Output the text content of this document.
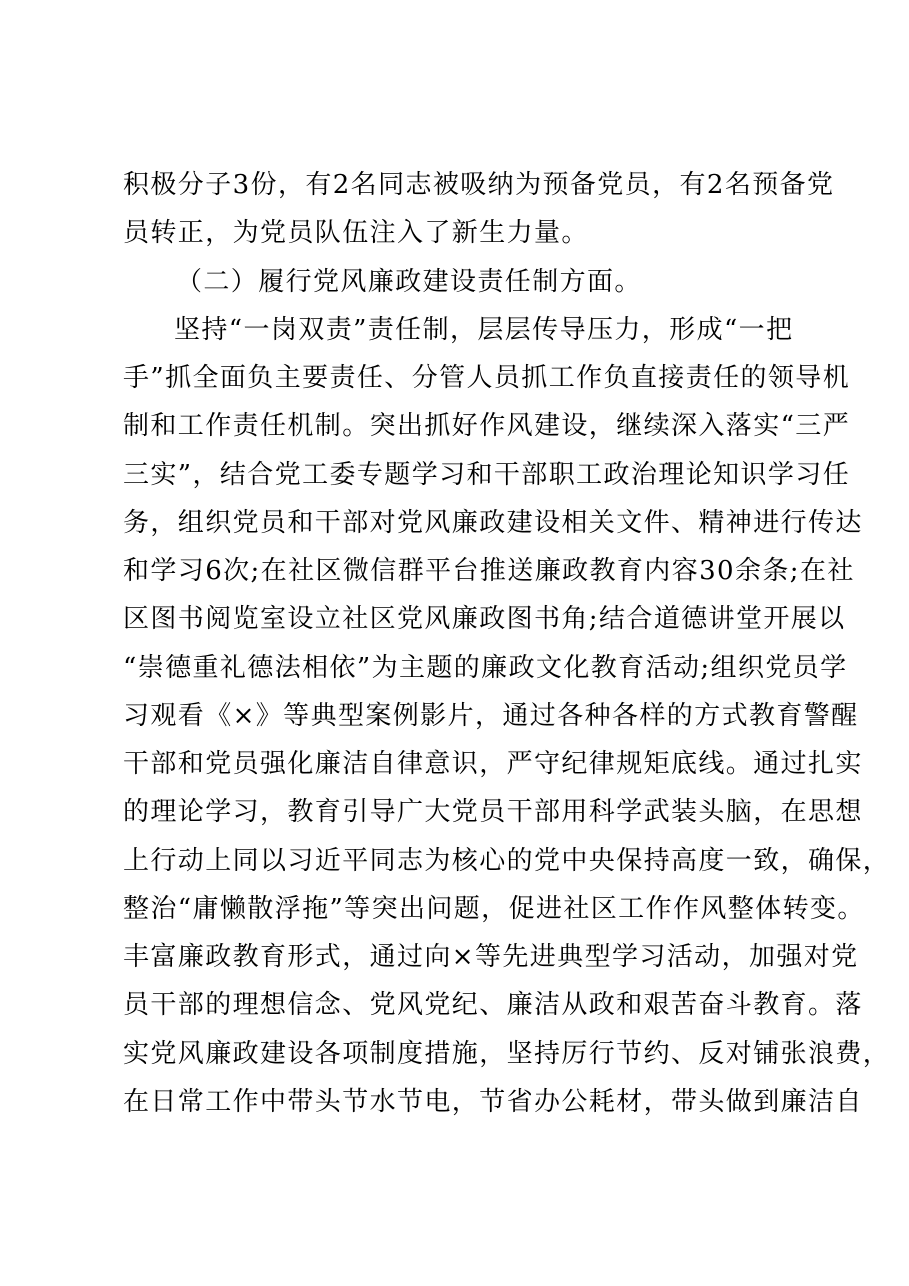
积极分子3份，有2名同志被吸纳为预备党员，有2名预备党
员转正，为党员队伍注入了新生力量。
（二）履行党风廉政建设责任制方面。
坚持“一岗双责”责任制，层层传导压力，形成“一把
手”抓全面负主要责任、分管人员抓工作负直接责任的领导机
制和工作责任机制。突出抓好作风建设，继续深入落实“三严
三实”，结合党工委专题学习和干部职工政治理论知识学习任
务，组织党员和干部对党风廉政建设相关文件、精神进行传达
和学习6次;在社区微信群平台推送廉政教育内容30余条;在社
区图书阅览室设立社区党风廉政图书角;结合道德讲堂开展以
“崇德重礼德法相依”为主题的廉政文化教育活动;组织党员学
习观看《×》等典型案例影片，通过各种各样的方式教育警醒
干部和党员强化廉洁自律意识，严守纪律规矩底线。通过扎实
的理论学习，教育引导广大党员干部用科学武装头脑，在思想
上行动上同以习近平同志为核心的党中央保持高度一致，确保，
整治“庸懒散浮拖”等突出问题，促进社区工作作风整体转变。
丰富廉政教育形式，通过向×等先进典型学习活动，加强对党
员干部的理想信念、党风党纪、廉洁从政和艰苦奋斗教育。落
实党风廉政建设各项制度措施，坚持厉行节约、反对铺张浪费，
在日常工作中带头节水节电，节省办公耗材，带头做到廉洁自
